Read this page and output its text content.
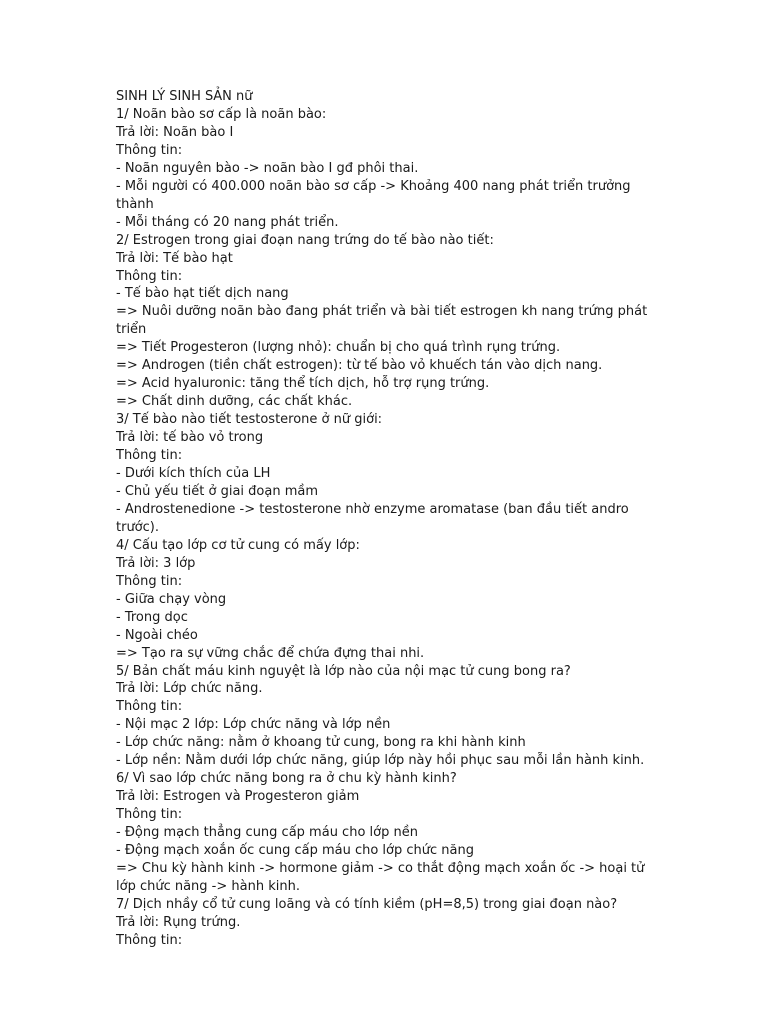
SINH LÝ SINH SẢN nữ
1/ Noãn bào sơ cấp là noãn bào:
Trả lời: Noãn bào I
Thông tin:
- Noãn nguyên bào -> noãn bào I gđ phôi thai.
- Mỗi người có 400.000 noãn bào sơ cấp -> Khoảng 400 nang phát triển trưởng thành
- Mỗi tháng có 20 nang phát triển.
2/ Estrogen trong giai đoạn nang trứng do tế bào nào tiết:
Trả lời: Tế bào hạt
Thông tin:
- Tế bào hạt tiết dịch nang
=> Nuôi dưỡng noãn bào đang phát triển và bài tiết estrogen kh nang trứng phát triển
=> Tiết Progesteron (lượng nhỏ): chuẩn bị cho quá trình rụng trứng.
=> Androgen (tiền chất estrogen): từ tế bào vỏ khuếch tán vào dịch nang.
=> Acid hyaluronic: tăng thể tích dịch, hỗ trợ rụng trứng.
=> Chất dinh dưỡng, các chất khác.
3/ Tế bào nào tiết testosterone ở nữ giới:
Trả lời: tế bào vỏ trong
Thông tin:
- Dưới kích thích của LH
- Chủ yếu tiết ở giai đoạn mầm
- Androstenedione -> testosterone nhờ enzyme aromatase (ban đầu tiết andro trước).
4/ Cấu tạo lớp cơ tử cung có mấy lớp:
Trả lời: 3 lớp
Thông tin:
- Giữa chạy vòng
- Trong dọc
- Ngoài chéo
=> Tạo ra sự vững chắc để chứa đựng thai nhi.
5/ Bản chất máu kinh nguyệt là lớp nào của nội mạc tử cung bong ra?
Trả lời: Lớp chức năng.
Thông tin:
- Nội mạc 2 lớp: Lớp chức năng và lớp nền
- Lớp chức năng: nằm ở khoang tử cung, bong ra khi hành kinh
- Lớp nền: Nằm dưới lớp chức năng, giúp lớp này hồi phục sau mỗi lần hành kinh.
6/ Vì sao lớp chức năng bong ra ở chu kỳ hành kinh?
Trả lời: Estrogen và Progesteron giảm
Thông tin:
- Động mạch thẳng cung cấp máu cho lớp nền
- Động mạch xoắn ốc cung cấp máu cho lớp chức năng
=> Chu kỳ hành kinh -> hormone giảm -> co thắt động mạch xoắn ốc -> hoại tử lớp chức năng -> hành kinh.
7/ Dịch nhầy cổ tử cung loãng và có tính kiềm (pH=8,5) trong giai đoạn nào?
Trả lời: Rụng trứng.
Thông tin:
